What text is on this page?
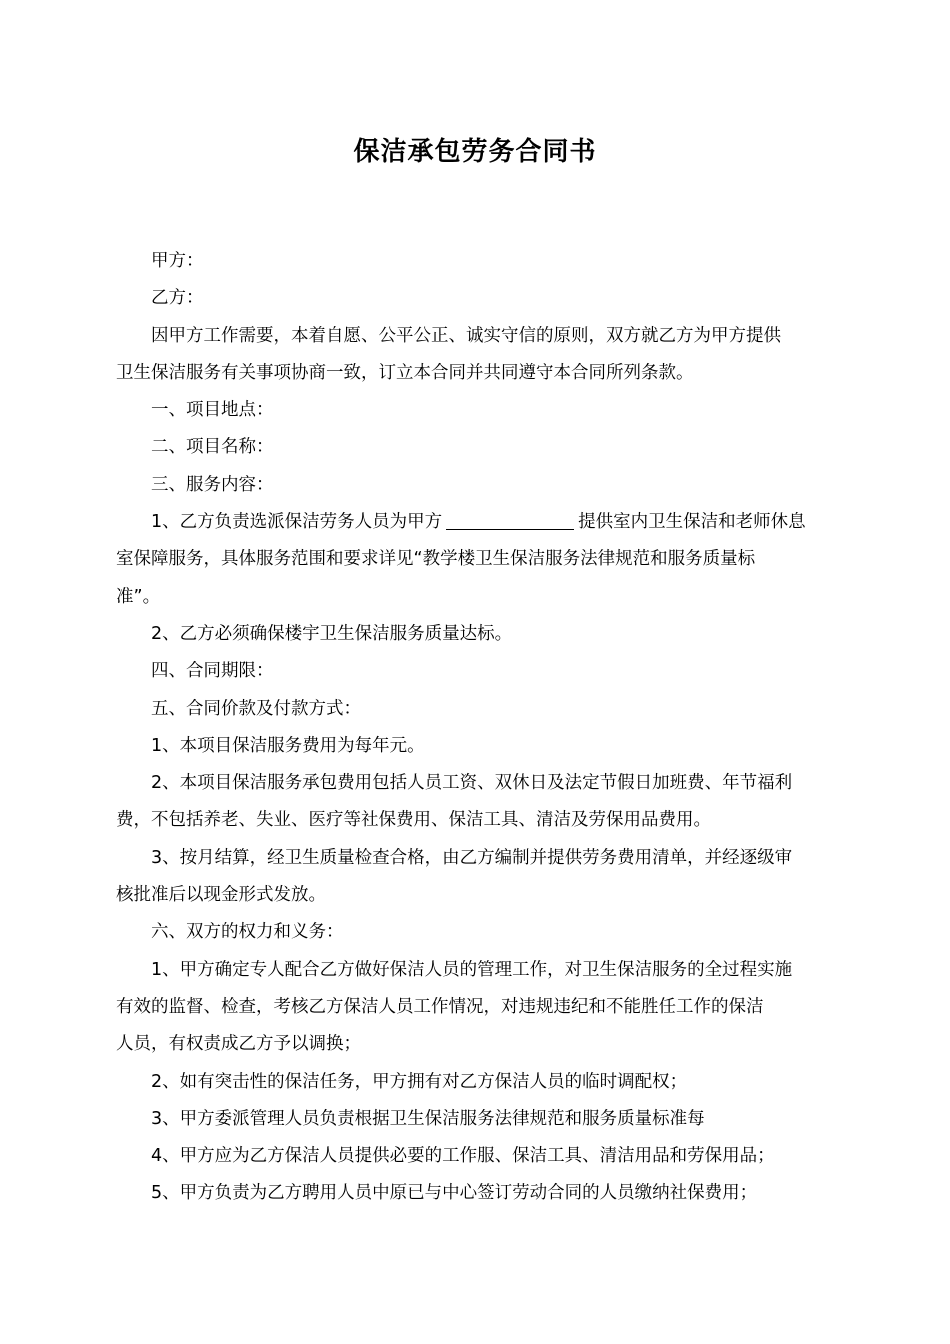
保洁承包劳务合同书

甲方：

乙方：

因甲方工作需要，本着自愿、公平公正、诚实守信的原则，双方就乙方为甲方提供
卫生保洁服务有关事项协商一致，订立本合同并共同遵守本合同所列条款。

一、项目地点：

二、项目名称：

三、服务内容：

1、乙方负责选派保洁劳务人员为甲方	提供室内卫生保洁和老师休息
室保障服务，具体服务范围和要求详见“教学楼卫生保洁服务法律规范和服务质量标
准”。

2、乙方必须确保楼宇卫生保洁服务质量达标。

四、合同期限：

五、合同价款及付款方式：

1、本项目保洁服务费用为每年元。

2、本项目保洁服务承包费用包括人员工资、双休日及法定节假日加班费、年节福利
费，不包括养老、失业、医疗等社保费用、保洁工具、清洁及劳保用品费用。

3、按月结算，经卫生质量检查合格，由乙方编制并提供劳务费用清单，并经逐级审
核批准后以现金形式发放。

六、双方的权力和义务：

1、甲方确定专人配合乙方做好保洁人员的管理工作，对卫生保洁服务的全过程实施
有效的监督、检查，考核乙方保洁人员工作情况，对违规违纪和不能胜任工作的保洁
人员，有权责成乙方予以调换；

2、如有突击性的保洁任务，甲方拥有对乙方保洁人员的临时调配权；

3、甲方委派管理人员负责根据卫生保洁服务法律规范和服务质量标准每

4、甲方应为乙方保洁人员提供必要的工作服、保洁工具、清洁用品和劳保用品；

5、甲方负责为乙方聘用人员中原已与中心签订劳动合同的人员缴纳社保费用；
